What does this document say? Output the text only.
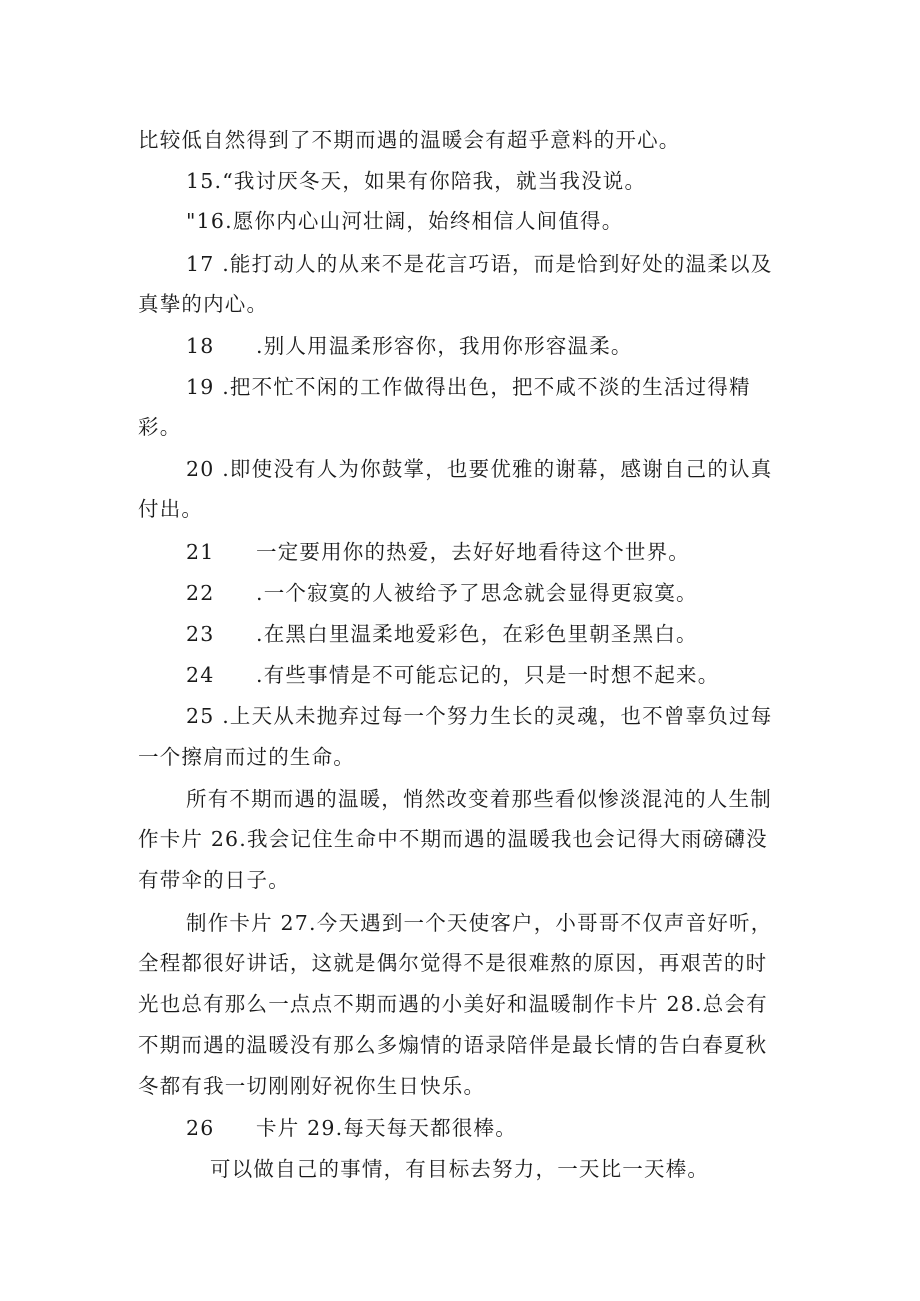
比较低自然得到了不期而遇的温暖会有超乎意料的开心。
15.“我讨厌冬天，如果有你陪我，就当我没说。
"16.愿你内心山河壮阔，始终相信人间值得。
17 .能打动人的从来不是花言巧语，而是恰到好处的温柔以及
真挚的内心。
18 .别人用温柔形容你，我用你形容温柔。
19 .把不忙不闲的工作做得出色，把不咸不淡的生活过得精
彩。
20 .即使没有人为你鼓掌，也要优雅的谢幕，感谢自己的认真
付出。
21 一定要用你的热爱，去好好地看待这个世界。
22 .一个寂寞的人被给予了思念就会显得更寂寞。
23 .在黑白里温柔地爱彩色，在彩色里朝圣黑白。
24 .有些事情是不可能忘记的，只是一时想不起来。
25 .上天从未抛弃过每一个努力生长的灵魂，也不曾辜负过每
一个擦肩而过的生命。
所有不期而遇的温暖，悄然改变着那些看似惨淡混沌的人生制
作卡片 26.我会记住生命中不期而遇的温暖我也会记得大雨磅礴没
有带伞的日子。
制作卡片 27.今天遇到一个天使客户，小哥哥不仅声音好听，
全程都很好讲话，这就是偶尔觉得不是很难熬的原因，再艰苦的时
光也总有那么一点点不期而遇的小美好和温暖制作卡片 28.总会有
不期而遇的温暖没有那么多煽情的语录陪伴是最长情的告白春夏秋
冬都有我一切刚刚好祝你生日快乐。
26 卡片 29.每天每天都很棒。
可以做自己的事情，有目标去努力，一天比一天棒。
